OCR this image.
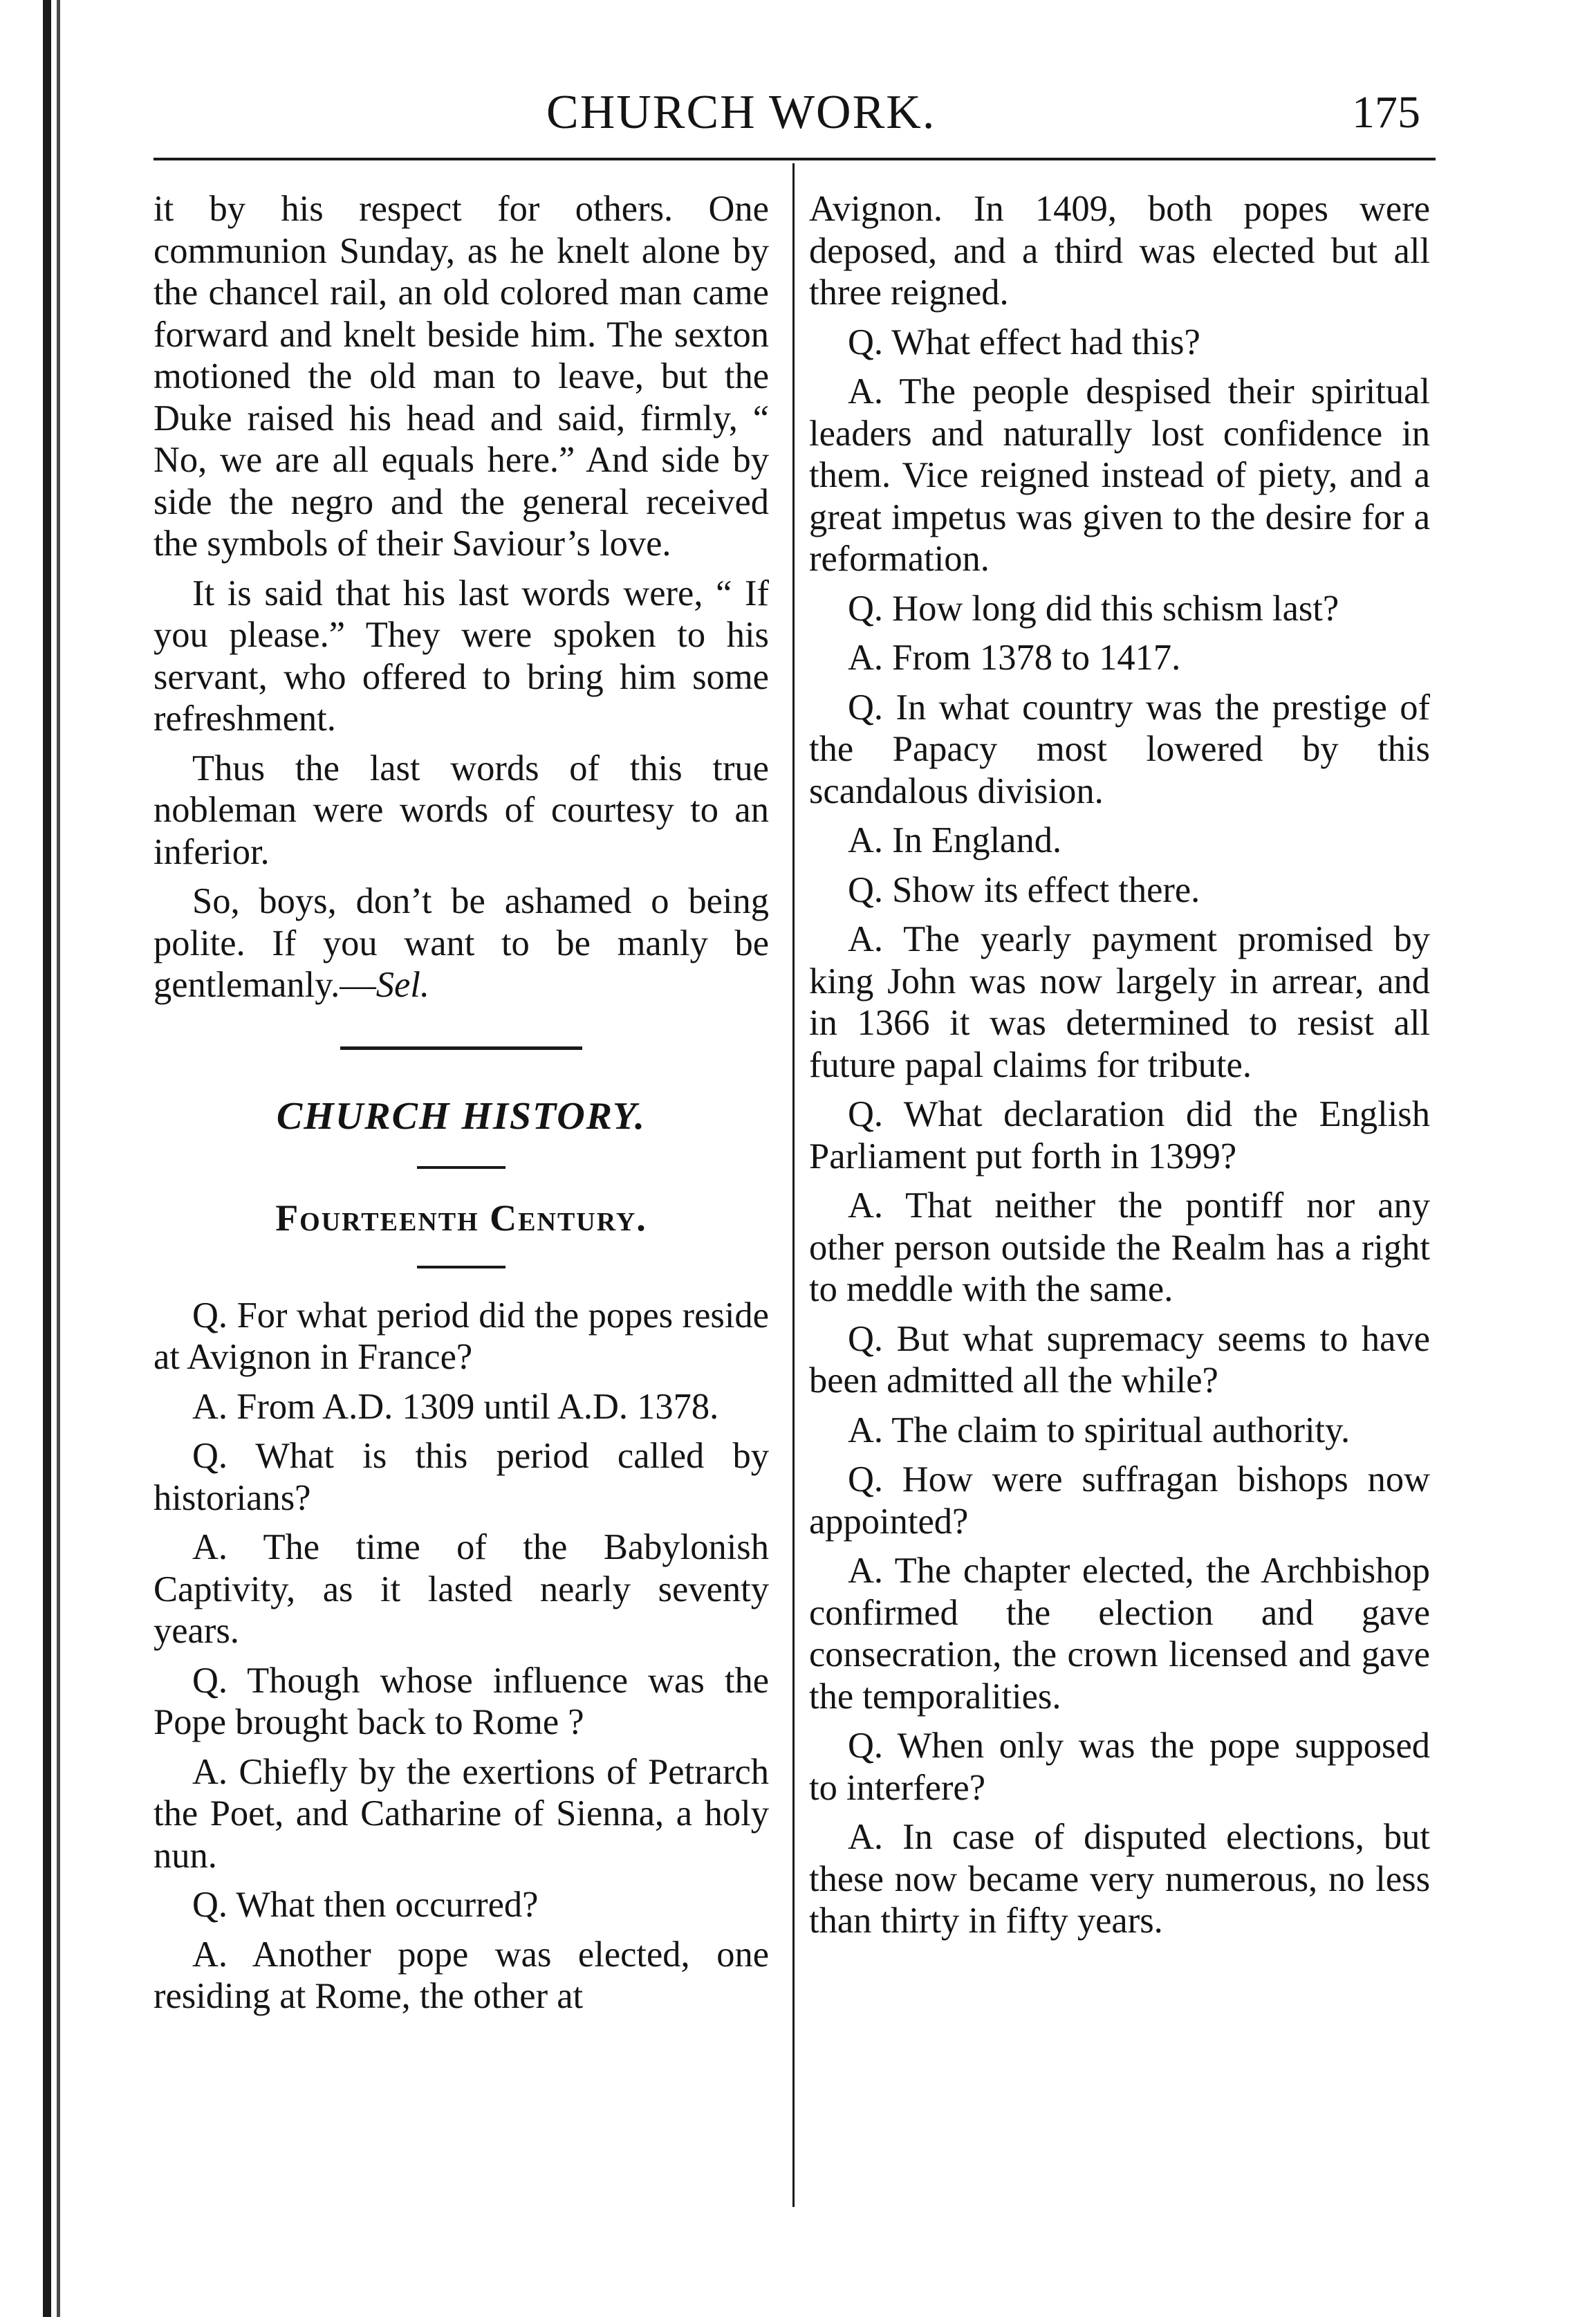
CHURCH WORK.	175

it by his respect for others. One communion Sunday, as he knelt alone by the chancel rail, an old colored man came forward and knelt beside him. The sexton motioned the old man to leave, but the Duke raised his head and said, firmly, “ No, we are all equals here.” And side by side the negro and the general received the symbols of their Saviour’s love.

It is said that his last words were, “ If you please.” They were spoken to his servant, who offered to bring him some refreshment.

Thus the last words of this true nobleman were words of courtesy to an inferior.

So, boys, don’t be ashamed o being polite. If you want to be manly be gentlemanly.—Sel.

CHURCH HISTORY.
Fourteenth Century.

Q. For what period did the popes reside at Avignon in France?

A. From A.D. 1309 until A.D. 1378.

Q. What is this period called by historians?

A. The time of the Babylonish Captivity, as it lasted nearly seventy years.

Q. Though whose influence was the Pope brought back to Rome ?

A. Chiefly by the exertions of Petrarch the Poet, and Catharine of Sienna, a holy nun.

Q. What then occurred?

A. Another pope was elected, one residing at Rome, the other at

Avignon. In 1409, both popes were deposed, and a third was elected but all three reigned.

Q. What effect had this?

A. The people despised their spiritual leaders and naturally lost confidence in them. Vice reigned instead of piety, and a great impetus was given to the desire for a reformation.

Q. How long did this schism last?

A. From 1378 to 1417.

Q. In what country was the prestige of the Papacy most lowered by this scandalous division.

A. In England.

Q. Show its effect there.

A. The yearly payment promised by king John was now largely in arrear, and in 1366 it was determined to resist all future papal claims for tribute.

Q. What declaration did the English Parliament put forth in 1399?

A. That neither the pontiff nor any other person outside the Realm has a right to meddle with the same.

Q. But what supremacy seems to have been admitted all the while?

A. The claim to spiritual authority.

Q. How were suffragan bishops now appointed?

A. The chapter elected, the Archbishop confirmed the election and gave consecration, the crown licensed and gave the temporalities.

Q. When only was the pope supposed to interfere?

A. In case of disputed elections, but these now became very numerous, no less than thirty in fifty years.
